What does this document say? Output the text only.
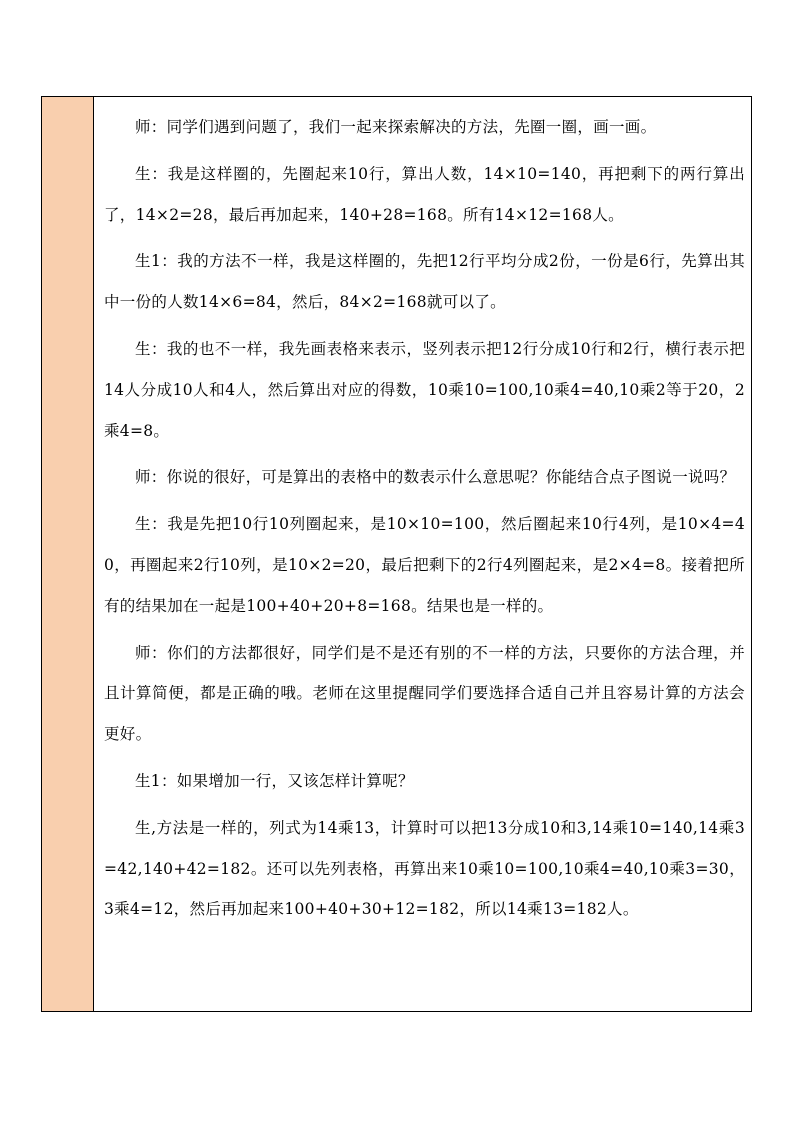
师：同学们遇到问题了，我们一起来探索解决的方法，先圈一圈，画一画。

生：我是这样圈的，先圈起来10行，算出人数，14×10=140，再把剩下的两行算出了，14×2=28，最后再加起来，140+28=168。所有14×12=168人。

生1：我的方法不一样，我是这样圈的，先把12行平均分成2份，一份是6行，先算出其中一份的人数14×6=84，然后，84×2=168就可以了。

生：我的也不一样，我先画表格来表示，竖列表示把12行分成10行和2行，横行表示把14人分成10人和4人，然后算出对应的得数，10乘10=100,10乘4=40,10乘2等于20，2乘4=8。

师：你说的很好，可是算出的表格中的数表示什么意思呢？你能结合点子图说一说吗？

生：我是先把10行10列圈起来，是10×10=100，然后圈起来10行4列，是10×4=40，再圈起来2行10列，是10×2=20，最后把剩下的2行4列圈起来，是2×4=8。接着把所有的结果加在一起是100+40+20+8=168。结果也是一样的。

师：你们的方法都很好，同学们是不是还有别的不一样的方法，只要你的方法合理，并且计算简便，都是正确的哦。老师在这里提醒同学们要选择合适自己并且容易计算的方法会更好。

生1：如果增加一行，又该怎样计算呢？

生,方法是一样的，列式为14乘13，计算时可以把13分成10和3,14乘10=140,14乘3=42,140+42=182。还可以先列表格，再算出来10乘10=100,10乘4=40,10乘3=30，3乘4=12，然后再加起来100+40+30+12=182，所以14乘13=182人。
